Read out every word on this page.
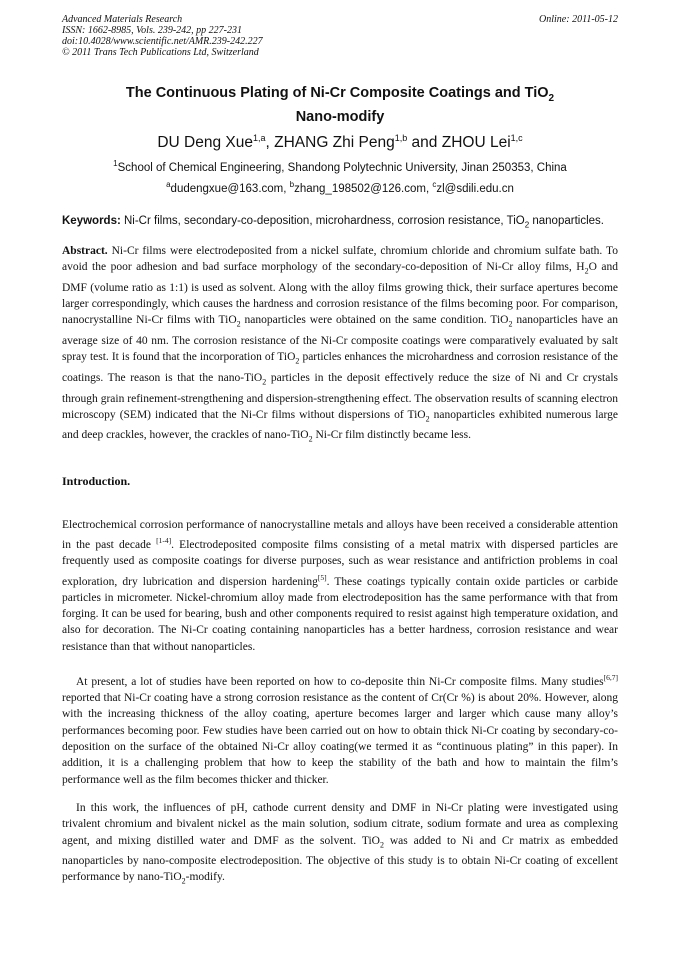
Advanced Materials Research
ISSN: 1662-8985, Vols. 239-242, pp 227-231
doi:10.4028/www.scientific.net/AMR.239-242.227
© 2011 Trans Tech Publications Ltd, Switzerland
Online: 2011-05-12
The Continuous Plating of Ni-Cr Composite Coatings and TiO$_2$
Nano-modify
DU Deng Xue$^{1,a}$, ZHANG Zhi Peng$^{1,b}$ and ZHOU Lei$^{1,c}$
$^1$School of Chemical Engineering, Shandong Polytechnic University, Jinan 250353, China
$^a$dudengxue@163.com, $^b$zhang_198502@126.com, $^c$zl@sdili.edu.cn
Keywords: Ni-Cr films, secondary-co-deposition, microhardness, corrosion resistance, TiO$_2$ nanoparticles.
Abstract. Ni-Cr films were electrodeposited from a nickel sulfate, chromium chloride and chromium sulfate bath. To avoid the poor adhesion and bad surface morphology of the secondary-co-deposition of Ni-Cr alloy films, $H_2O$ and DMF (volume ratio as 1:1) is used as solvent. Along with the alloy films growing thick, their surface apertures become larger correspondingly, which causes the hardness and corrosion resistance of the films becoming poor. For comparison, nanocrystalline Ni-Cr films with TiO$_2$ nanoparticles were obtained on the same condition. TiO$_2$ nanoparticles have an average size of 40 nm. The corrosion resistance of the Ni-Cr composite coatings were comparatively evaluated by salt spray test. It is found that the incorporation of TiO$_2$ particles enhances the microhardness and corrosion resistance of the coatings. The reason is that the nano-TiO$_2$ particles in the deposit effectively reduce the size of Ni and Cr crystals through grain refinement-strengthening and dispersion-strengthening effect. The observation results of scanning electron microscopy (SEM) indicated that the Ni-Cr films without dispersions of TiO$_2$ nanoparticles exhibited numerous large and deep crackles, however, the crackles of nano-TiO$_2$ Ni-Cr film distinctly became less.
Introduction.
Electrochemical corrosion performance of nanocrystalline metals and alloys have been received a considerable attention in the past decade [1-4]. Electrodeposited composite films consisting of a metal matrix with dispersed particles are frequently used as composite coatings for diverse purposes, such as wear resistance and antifriction problems in coal exploration, dry lubrication and dispersion hardening[5]. These coatings typically contain oxide particles or carbide particles in micrometer. Nickel-chromium alloy made from electrodeposition has the same performance with that from forging. It can be used for bearing, bush and other components required to resist against high temperature oxidation, and also for decoration. The Ni-Cr coating containing nanoparticles has a better hardness, corrosion resistance and wear resistance than that without nanoparticles.
At present, a lot of studies have been reported on how to co-deposite thin Ni-Cr composite films. Many studies[6,7] reported that Ni-Cr coating have a strong corrosion resistance as the content of Cr(Cr %) is about 20%. However, along with the increasing thickness of the alloy coating, aperture becomes larger and larger which cause many alloy’s performances becoming poor. Few studies have been carried out on how to obtain thick Ni-Cr coating by secondary-co-deposition on the surface of the obtained Ni-Cr alloy coating(we termed it as “continuous plating” in this paper). In addition, it is a challenging problem that how to keep the stability of the bath and how to maintain the film’s performance well as the film becomes thicker and thicker.
In this work, the influences of pH, cathode current density and DMF in Ni-Cr plating were investigated using trivalent chromium and bivalent nickel as the main solution, sodium citrate, sodium formate and urea as complexing agent, and mixing distilled water and DMF as the solvent. TiO$_2$ was added to Ni and Cr matrix as embedded nanoparticles by nano-composite electrodeposition. The objective of this study is to obtain Ni-Cr coating of excellent performance by nano-TiO$_2$-modify.
